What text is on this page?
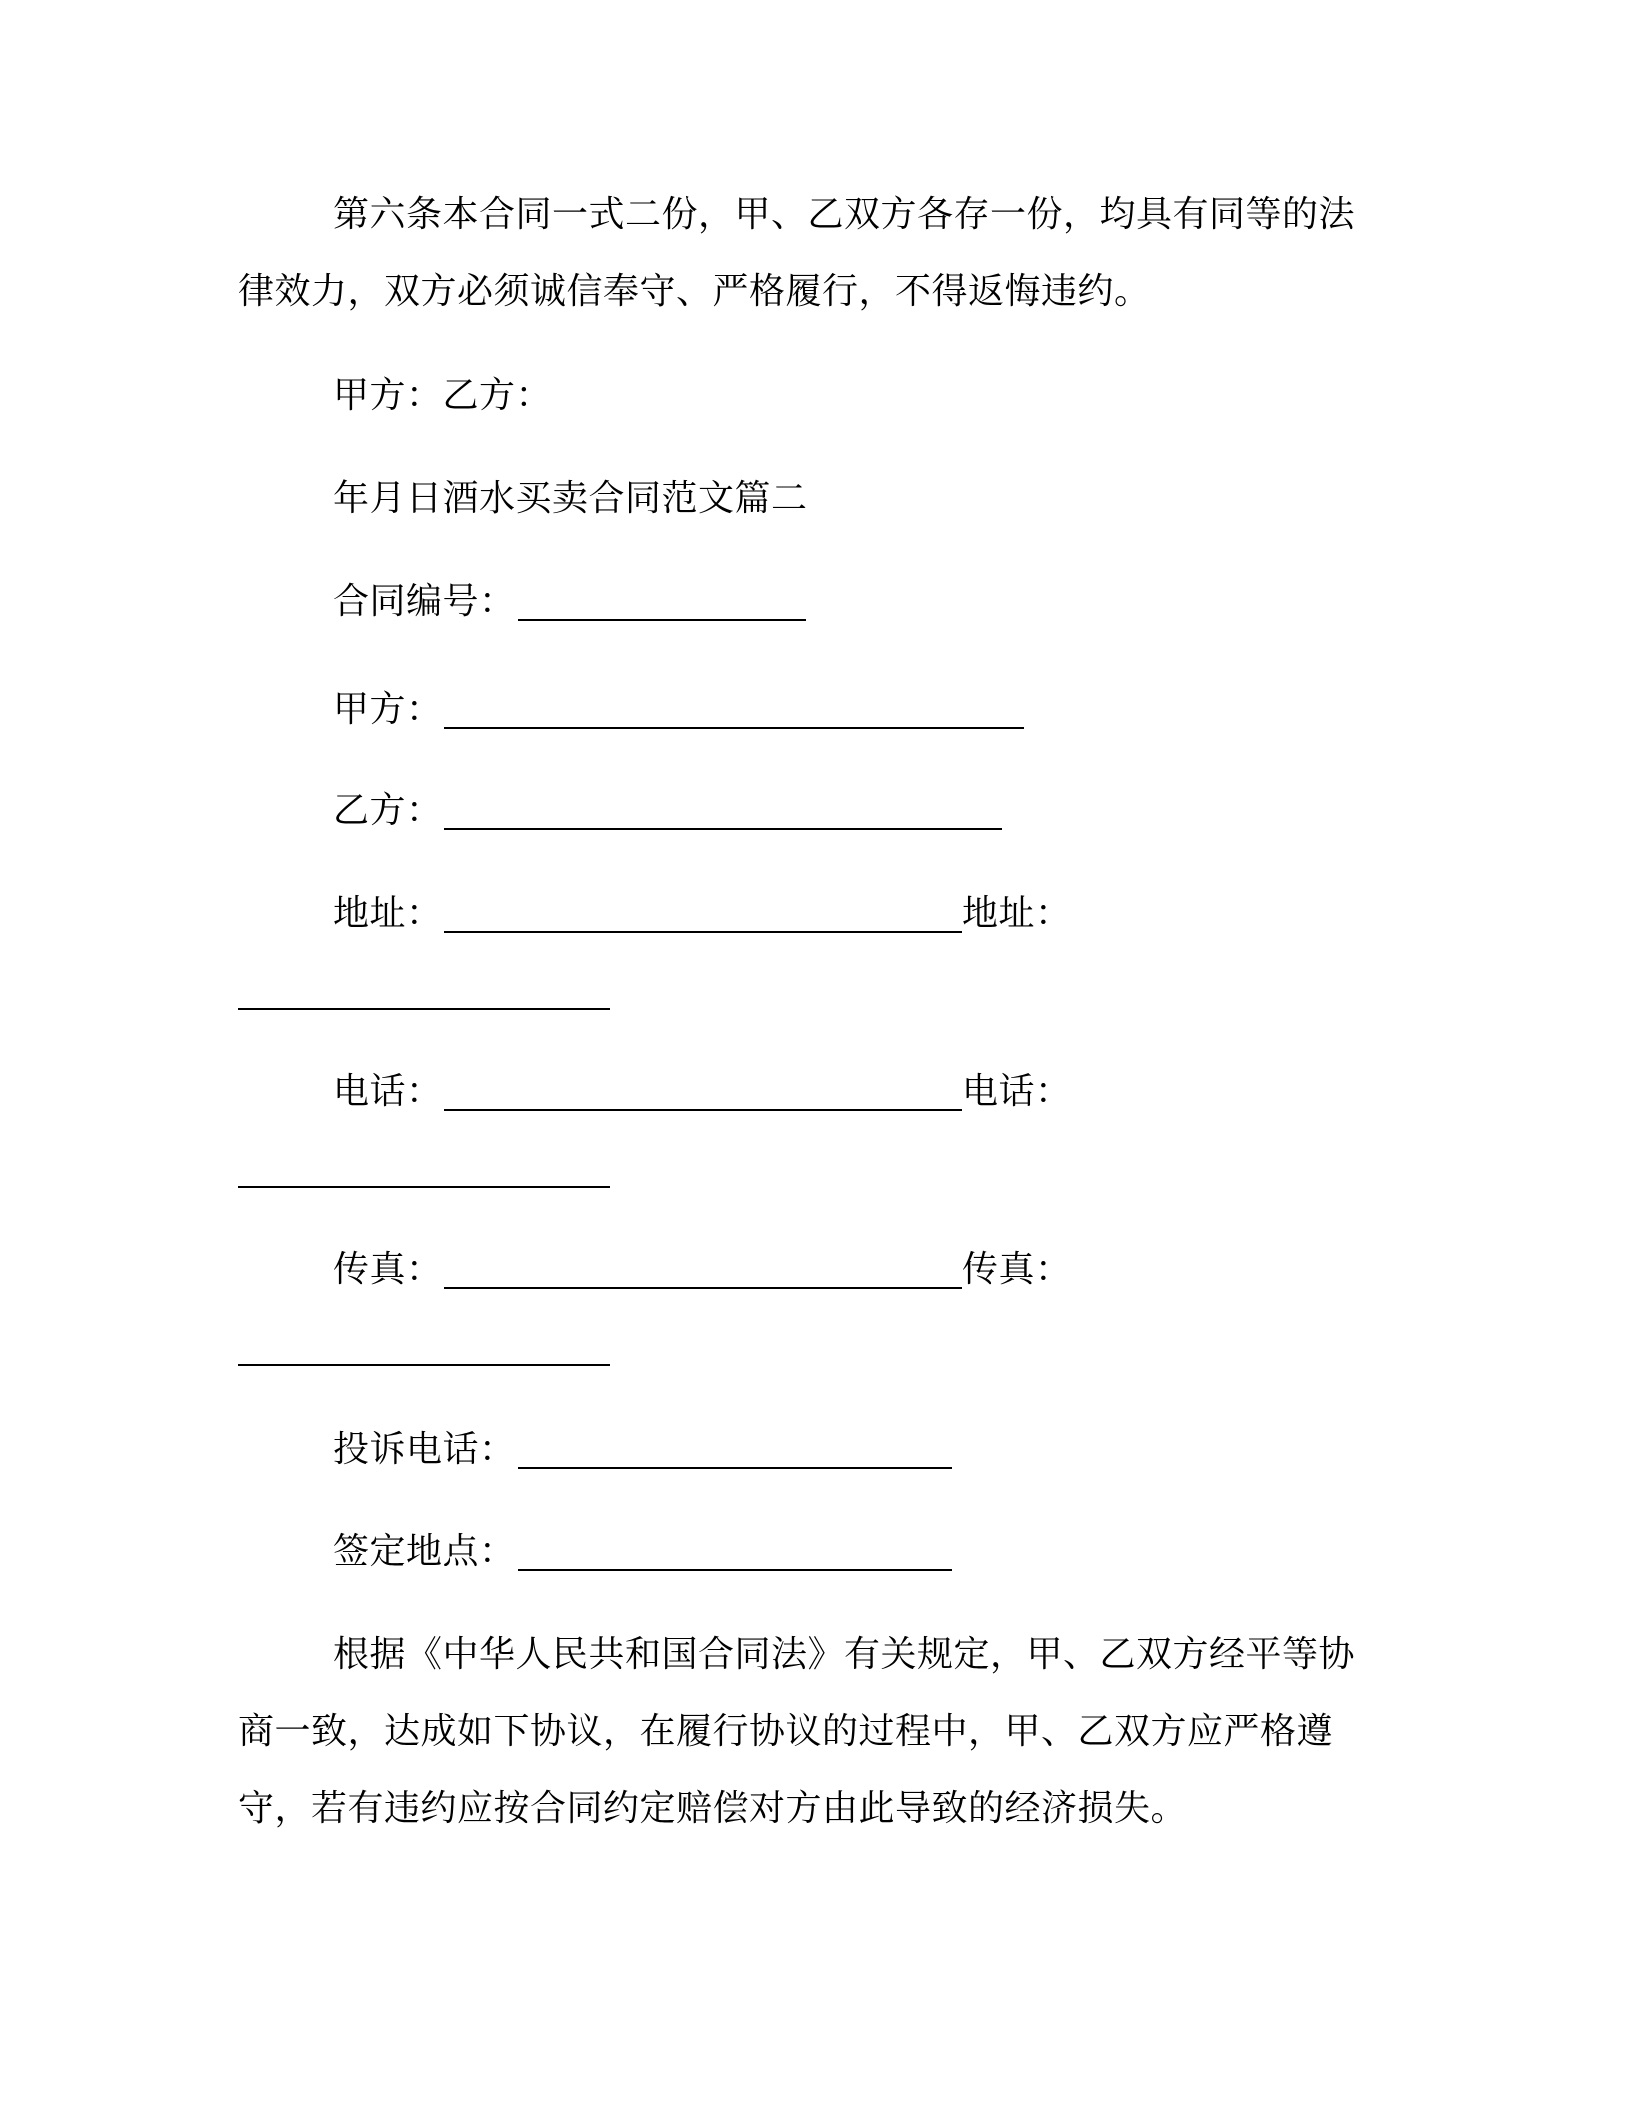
第六条本合同一式二份，甲、乙双方各存一份，均具有同等的法
律效力，双方必须诚信奉守、严格履行，不得返悔违约。
甲方：乙方：
年月日酒水买卖合同范文篇二
合同编号：
甲方：
乙方：
地址：	地址：
电话：	电话：
传真：	传真：
投诉电话：
签定地点：
根据《中华人民共和国合同法》有关规定，甲、乙双方经平等协
商一致，达成如下协议，在履行协议的过程中，甲、乙双方应严格遵
守，若有违约应按合同约定赔偿对方由此导致的经济损失。
